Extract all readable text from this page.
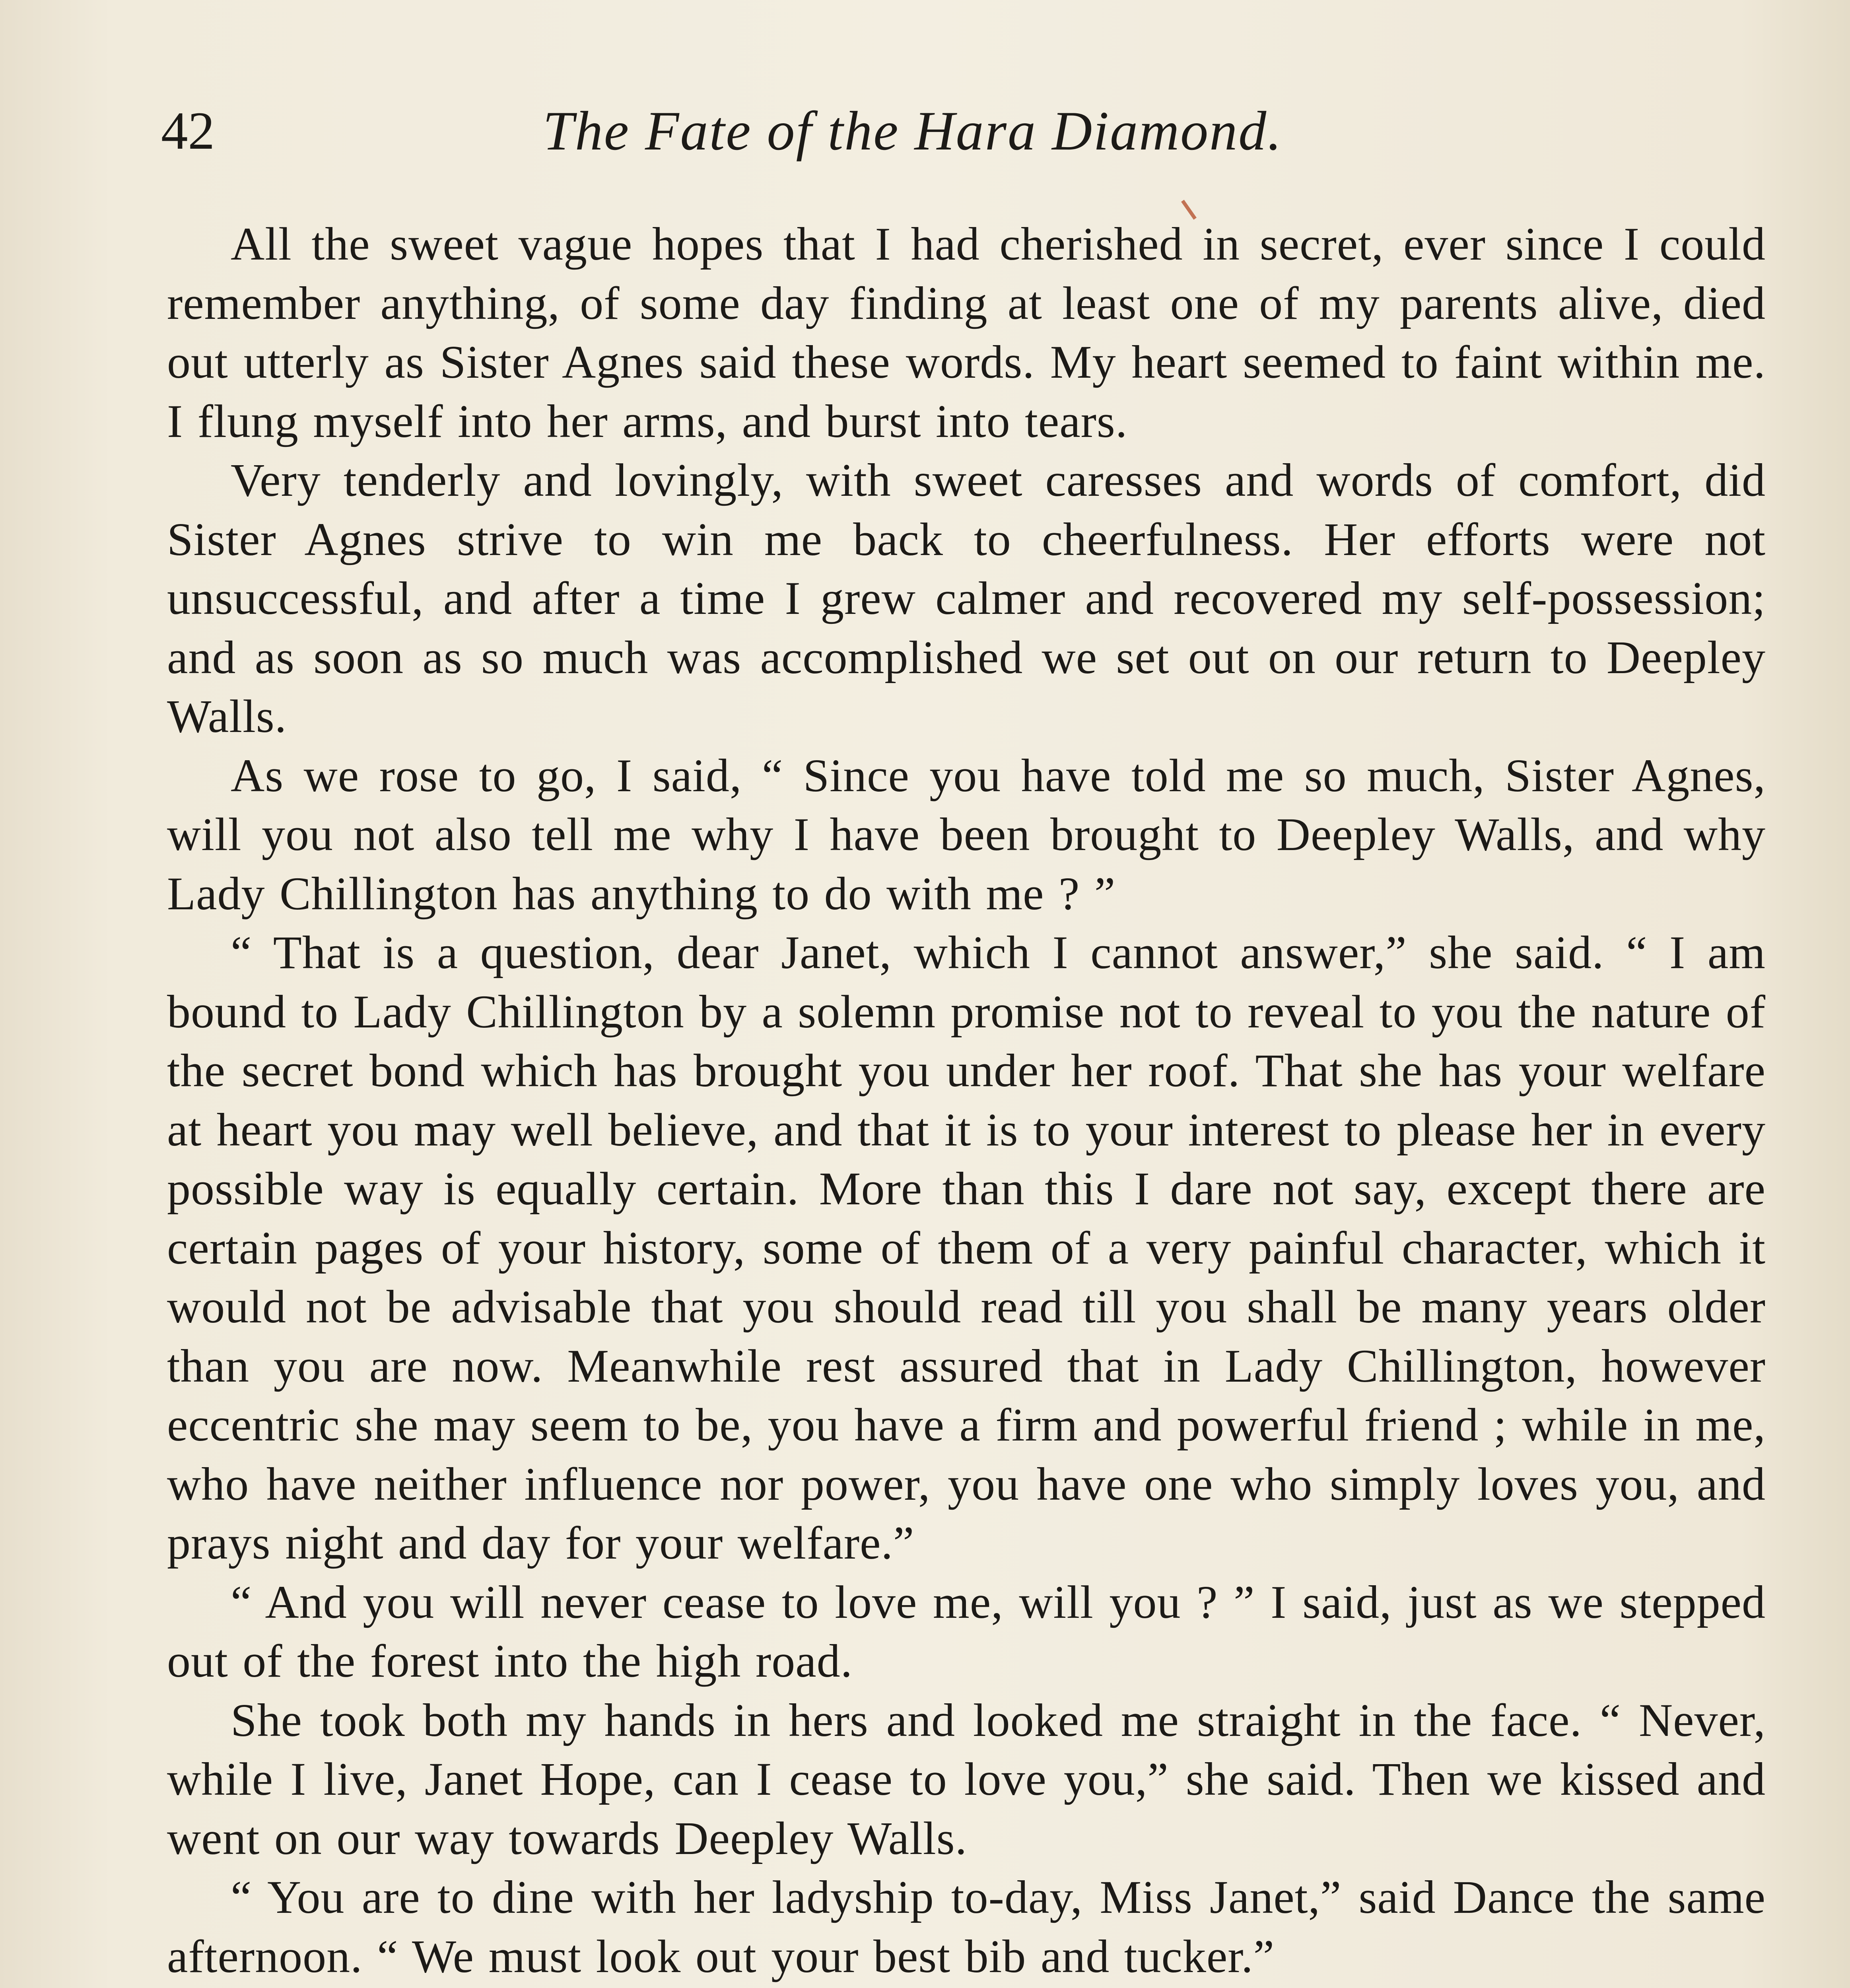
42	The Fate of the Hara Diamond.

All the sweet vague hopes that I had cherished in secret, ever since I could remember anything, of some day finding at least one of my parents alive, died out utterly as Sister Agnes said these words. My heart seemed to faint within me. I flung myself into her arms, and burst into tears.

Very tenderly and lovingly, with sweet caresses and words of comfort, did Sister Agnes strive to win me back to cheerfulness. Her efforts were not unsuccessful, and after a time I grew calmer and recovered my self-possession; and as soon as so much was accomplished we set out on our return to Deepley Walls.

As we rose to go, I said, “ Since you have told me so much, Sister Agnes, will you not also tell me why I have been brought to Deepley Walls, and why Lady Chillington has anything to do with me ? ”

“ That is a question, dear Janet, which I cannot answer,” she said. “ I am bound to Lady Chillington by a solemn promise not to reveal to you the nature of the secret bond which has brought you under her roof. That she has your welfare at heart you may well believe, and that it is to your interest to please her in every possible way is equally certain. More than this I dare not say, except there are certain pages of your history, some of them of a very painful character, which it would not be advisable that you should read till you shall be many years older than you are now. Meanwhile rest assured that in Lady Chillington, however eccentric she may seem to be, you have a firm and powerful friend ; while in me, who have neither influence nor power, you have one who simply loves you, and prays night and day for your welfare.”

“ And you will never cease to love me, will you ? ” I said, just as we stepped out of the forest into the high road.

She took both my hands in hers and looked me straight in the face. “ Never, while I live, Janet Hope, can I cease to love you,” she said. Then we kissed and went on our way towards Deepley Walls.

“ You are to dine with her ladyship to-day, Miss Janet,” said Dance the same afternoon. “ We must look out your best bib and tucker.”
